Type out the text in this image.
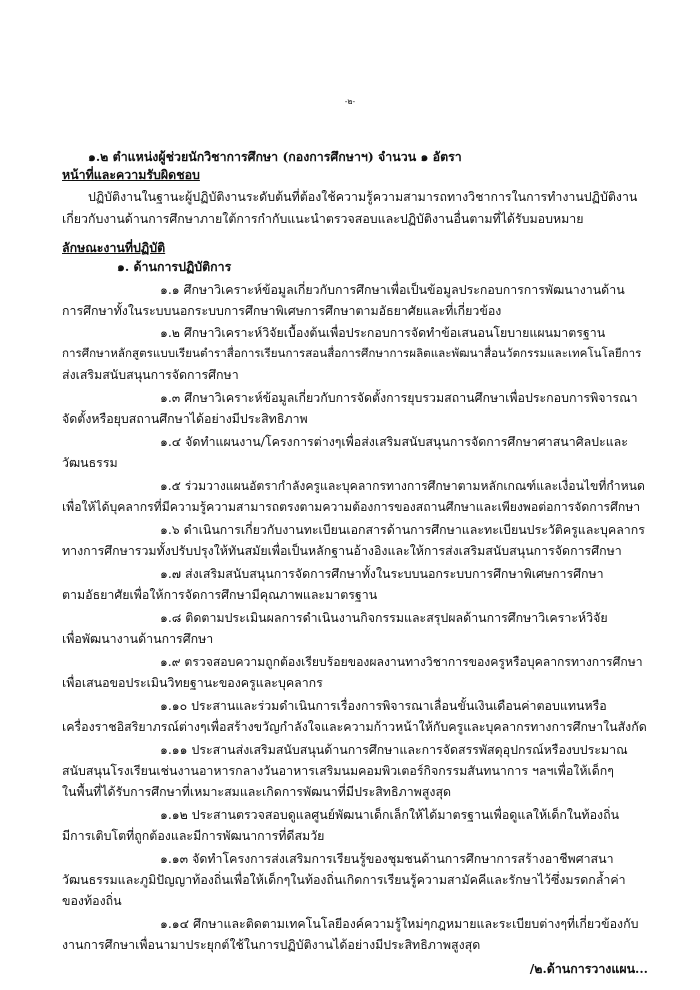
-๒-
๑.๒ ตำแหน่งผู้ช่วยนักวิชาการศึกษา (กองการศึกษาฯ) จำนวน ๑ อัตรา
หน้าที่และความรับผิดชอบ
ปฏิบัติงานในฐานะผู้ปฏิบัติงานระดับต้นที่ต้องใช้ความรู้ความสามารถทางวิชาการในการทำงานปฏิบัติงาน
เกี่ยวกับงานด้านการศึกษาภายใต้การกำกับแนะนำตรวจสอบและปฏิบัติงานอื่นตามที่ได้รับมอบหมาย
ลักษณะงานที่ปฏิบัติ
๑. ด้านการปฏิบัติการ
๑.๑ ศึกษาวิเคราะห์ข้อมูลเกี่ยวกับการศึกษาเพื่อเป็นข้อมูลประกอบการการพัฒนางานด้าน
การศึกษาทั้งในระบบนอกระบบการศึกษาพิเศษการศึกษาตามอัธยาศัยและที่เกี่ยวข้อง
๑.๒ ศึกษาวิเคราะห์วิจัยเบื้องต้นเพื่อประกอบการจัดทำข้อเสนอนโยบายแผนมาตรฐาน
การศึกษาหลักสูตรแบบเรียนตำราสื่อการเรียนการสอนสื่อการศึกษาการผลิตและพัฒนาสื่อนวัตกรรมและเทคโนโลยีการ
ส่งเสริมสนับสนุนการจัดการศึกษา
๑.๓ ศึกษาวิเคราะห์ข้อมูลเกี่ยวกับการจัดตั้งการยุบรวมสถานศึกษาเพื่อประกอบการพิจารณา
จัดตั้งหรือยุบสถานศึกษาได้อย่างมีประสิทธิภาพ
๑.๔ จัดทำแผนงาน/โครงการต่างๆเพื่อส่งเสริมสนับสนุนการจัดการศึกษาศาสนาศิลปะและ
วัฒนธรรม
๑.๕ ร่วมวางแผนอัตรากำลังครูและบุคลากรทางการศึกษาตามหลักเกณฑ์และเงื่อนไขที่กำหนด
เพื่อให้ได้บุคลากรที่มีความรู้ความสามารถตรงตามความต้องการของสถานศึกษาและเพียงพอต่อการจัดการศึกษา
๑.๖ ดำเนินการเกี่ยวกับงานทะเบียนเอกสารด้านการศึกษาและทะเบียนประวัติครูและบุคลากร
ทางการศึกษารวมทั้งปรับปรุงให้ทันสมัยเพื่อเป็นหลักฐานอ้างอิงและให้การส่งเสริมสนับสนุนการจัดการศึกษา
๑.๗ ส่งเสริมสนับสนุนการจัดการศึกษาทั้งในระบบนอกระบบการศึกษาพิเศษการศึกษา
ตามอัธยาศัยเพื่อให้การจัดการศึกษามีคุณภาพและมาตรฐาน
๑.๘ ติดตามประเมินผลการดำเนินงานกิจกรรมและสรุปผลด้านการศึกษาวิเคราะห์วิจัย
เพื่อพัฒนางานด้านการศึกษา
๑.๙ ตรวจสอบความถูกต้องเรียบร้อยของผลงานทางวิชาการของครูหรือบุคลากรทางการศึกษา
เพื่อเสนอขอประเมินวิทยฐานะของครูและบุคลากร
๑.๑๐ ประสานและร่วมดำเนินการเรื่องการพิจารณาเลื่อนขั้นเงินเดือนค่าตอบแทนหรือ
เครื่องราชอิสริยาภรณ์ต่างๆเพื่อสร้างขวัญกำลังใจและความก้าวหน้าให้กับครูและบุคลากรทางการศึกษาในสังกัด
๑.๑๑ ประสานส่งเสริมสนับสนุนด้านการศึกษาและการจัดสรรพัสดุอุปกรณ์หรืองบประมาณ
สนับสนุนโรงเรียนเช่นงานอาหารกลางวันอาหารเสริมนมคอมพิวเตอร์กิจกรรมสันทนาการ ฯลฯเพื่อให้เด็กๆ
ในพื้นที่ได้รับการศึกษาที่เหมาะสมและเกิดการพัฒนาที่มีประสิทธิภาพสูงสุด
๑.๑๒ ประสานตรวจสอบดูแลศูนย์พัฒนาเด็กเล็กให้ได้มาตรฐานเพื่อดูแลให้เด็กในท้องถิ่น
มีการเติบโตที่ถูกต้องและมีการพัฒนาการที่ดีสมวัย
๑.๑๓ จัดทำโครงการส่งเสริมการเรียนรู้ของชุมชนด้านการศึกษาการสร้างอาชีพศาสนา
วัฒนธรรมและภูมิปัญญาท้องถิ่นเพื่อให้เด็กๆในท้องถิ่นเกิดการเรียนรู้ความสามัคคีและรักษาไว้ซึ่งมรดกล้ำค่า
ของท้องถิ่น
๑.๑๔ ศึกษาและติดตามเทคโนโลยีองค์ความรู้ใหม่ๆกฎหมายและระเบียบต่างๆที่เกี่ยวข้องกับ
งานการศึกษาเพื่อนามาประยุกต์ใช้ในการปฏิบัติงานได้อย่างมีประสิทธิภาพสูงสุด
/๒.ด้านการวางแผน...
